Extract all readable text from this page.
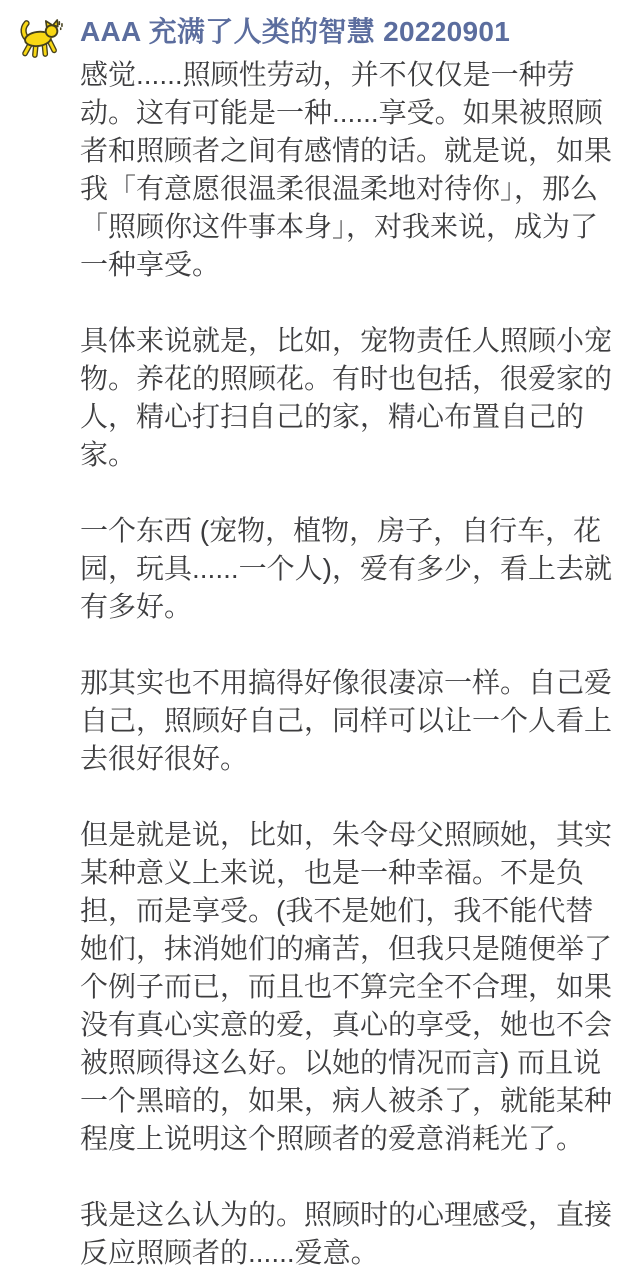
AAA 充满了人类的智慧 20220901

感觉......照顾性劳动，并不仅仅是一种劳动。这有可能是一种......享受。如果被照顾者和照顾者之间有感情的话。就是说，如果我「有意愿很温柔很温柔地对待你」，那么「照顾你这件事本身」，对我来说，成为了一种享受。

具体来说就是，比如，宠物责任人照顾小宠物。养花的照顾花。有时也包括，很爱家的人，精心打扫自己的家，精心布置自己的家。

一个东西 (宠物，植物，房子，自行车，花园，玩具......一个人)，爱有多少，看上去就有多好。

那其实也不用搞得好像很凄凉一样。自己爱自己，照顾好自己，同样可以让一个人看上去很好很好。

但是就是说，比如，朱令母父照顾她，其实某种意义上来说，也是一种幸福。不是负担，而是享受。(我不是她们，我不能代替她们，抹消她们的痛苦，但我只是随便举了个例子而已，而且也不算完全不合理，如果没有真心实意的爱，真心的享受，她也不会被照顾得这么好。以她的情况而言) 而且说一个黑暗的，如果，病人被杀了，就能某种程度上说明这个照顾者的爱意消耗光了。

我是这么认为的。照顾时的心理感受，直接反应照顾者的......爱意。
